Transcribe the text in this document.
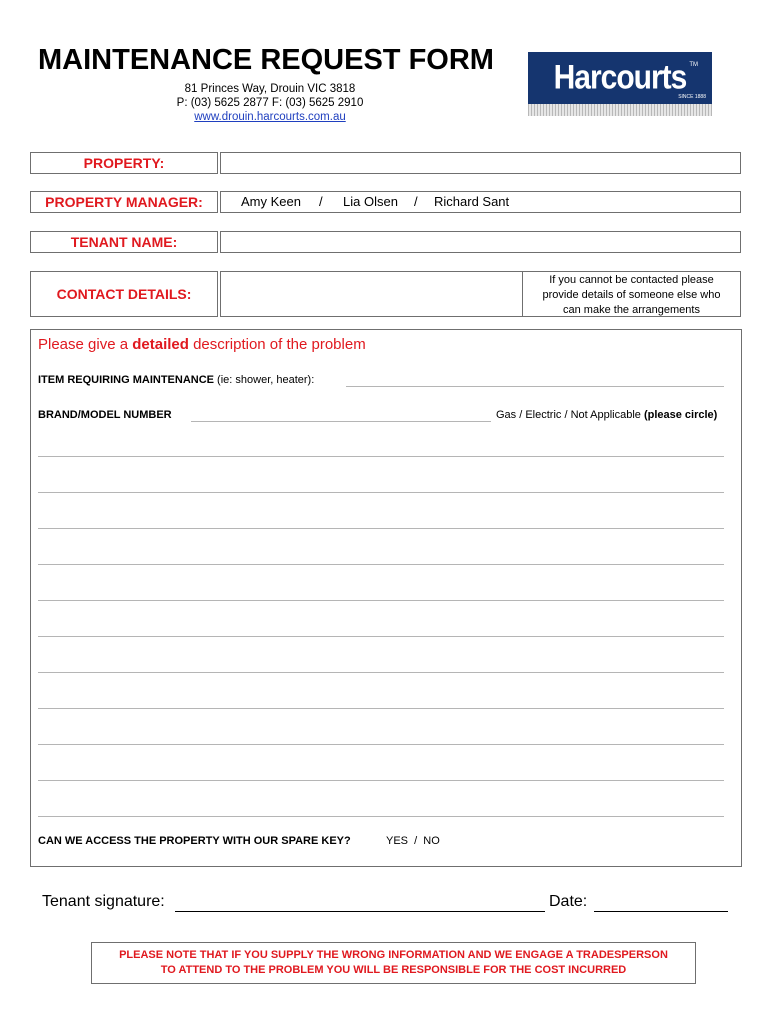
MAINTENANCE REQUEST FORM
81 Princes Way, Drouin VIC 3818
P: (03) 5625 2877 F: (03) 5625 2910
www.drouin.harcourts.com.au
Harcourts TM
SINCE 1888
PROPERTY:
PROPERTY MANAGER:	Amy Keen / Lia Olsen / Richard Sant
TENANT NAME:
CONTACT DETAILS:
If you cannot be contacted please
provide details of someone else who
can make the arrangements
Please give a detailed description of the problem
ITEM REQUIRING MAINTENANCE (ie: shower, heater):
BRAND/MODEL NUMBER	Gas / Electric / Not Applicable (please circle)
CAN WE ACCESS THE PROPERTY WITH OUR SPARE KEY?	YES  /  NO
Tenant signature:	Date:
PLEASE NOTE THAT IF YOU SUPPLY THE WRONG INFORMATION AND WE ENGAGE A TRADESPERSON
TO ATTEND TO THE PROBLEM YOU WILL BE RESPONSIBLE FOR THE COST INCURRED
